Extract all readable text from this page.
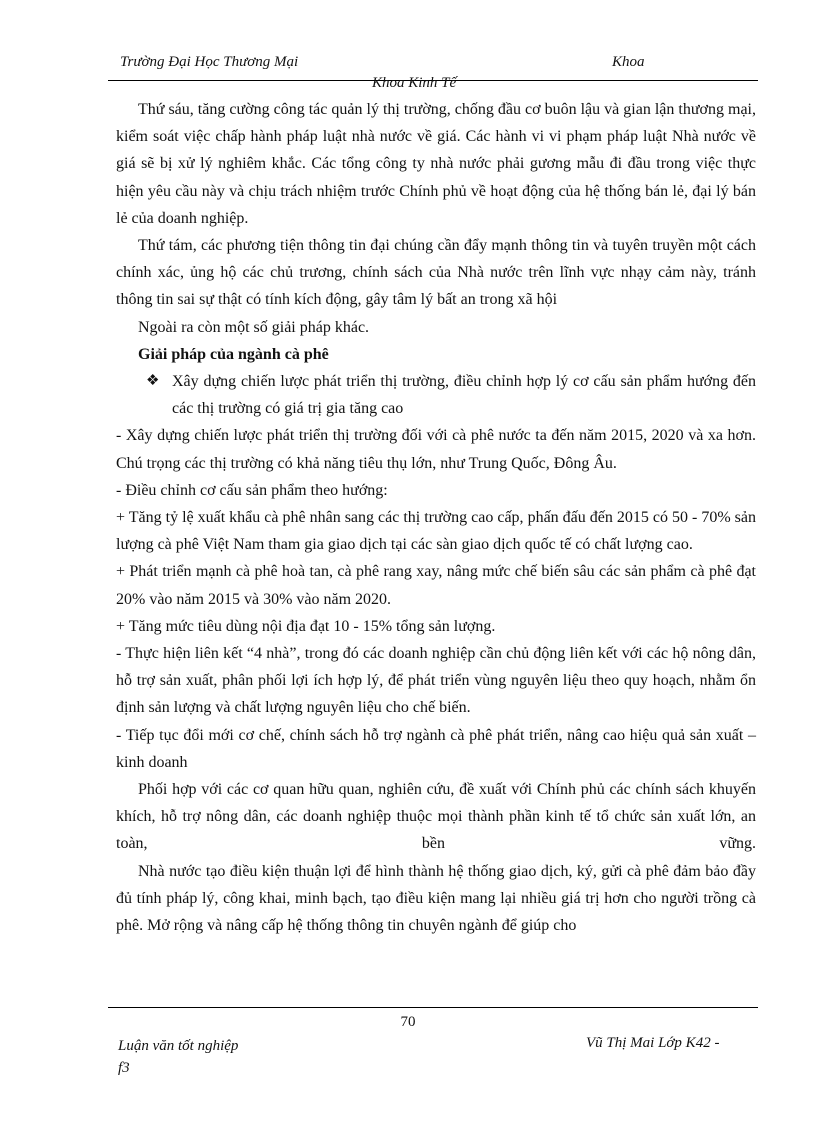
Trường Đại Học Thương Mại	Khoa
Khoa Kinh Tế

Thứ sáu, tăng cường công tác quản lý thị trường, chống đầu cơ buôn lậu và gian lận thương mại, kiểm soát việc chấp hành pháp luật nhà nước về giá. Các hành vi vi phạm pháp luật Nhà nước về giá sẽ bị xử lý nghiêm khắc. Các tổng công ty nhà nước phải gương mẫu đi đầu trong việc thực hiện yêu cầu này và chịu trách nhiệm trước Chính phủ về hoạt động của hệ thống bán lẻ, đại lý bán lẻ của doanh nghiệp.

Thứ tám, các phương tiện thông tin đại chúng cần đẩy mạnh thông tin và tuyên truyền một cách chính xác, ủng hộ các chủ trương, chính sách của Nhà nước trên lĩnh vực nhạy cảm này, tránh thông tin sai sự thật có tính kích động, gây tâm lý bất an trong xã hội

Ngoài ra còn một số giải pháp khác.

Giải pháp của ngành cà phê

❖ Xây dựng chiến lược phát triển thị trường, điều chỉnh hợp lý cơ cấu sản phẩm hướng đến các thị trường có giá trị gia tăng cao

- Xây dựng chiến lược phát triển thị trường đối với cà phê nước ta đến năm 2015, 2020 và xa hơn. Chú trọng các thị trường có khả năng tiêu thụ lớn, như Trung Quốc, Đông Âu.

- Điều chỉnh cơ cấu sản phẩm theo hướng:

+ Tăng tỷ lệ xuất khẩu cà phê nhân sang các thị trường cao cấp, phấn đấu đến 2015 có 50 - 70% sản lượng cà phê Việt Nam tham gia giao dịch tại các sàn giao dịch quốc tế có chất lượng cao.

+ Phát triển mạnh cà phê hoà tan, cà phê rang xay, nâng mức chế biến sâu các sản phẩm cà phê đạt 20% vào năm 2015 và 30% vào năm 2020.

+ Tăng mức tiêu dùng nội địa đạt 10 - 15% tổng sản lượng.

- Thực hiện liên kết “4 nhà”, trong đó các doanh nghiệp cần chủ động liên kết với các hộ nông dân, hỗ trợ sản xuất, phân phối lợi ích hợp lý, để phát triển vùng nguyên liệu theo quy hoạch, nhằm ổn định sản lượng và chất lượng nguyên liệu cho chế biến.

- Tiếp tục đổi mới cơ chế, chính sách hỗ trợ ngành cà phê phát triển, nâng cao hiệu quả sản xuất – kinh doanh

Phối hợp với các cơ quan hữu quan, nghiên cứu, đề xuất với Chính phủ các chính sách khuyến khích, hỗ trợ nông dân, các doanh nghiệp thuộc mọi thành phần kinh tế tổ chức sản xuất lớn, an toàn, bền vững.

Nhà nước tạo điều kiện thuận lợi để hình thành hệ thống giao dịch, ký, gửi cà phê đảm bảo đầy đủ tính pháp lý, công khai, minh bạch, tạo điều kiện mang lại nhiều giá trị hơn cho người trồng cà phê. Mở rộng và nâng cấp hệ thống thông tin chuyên ngành để giúp cho

70
Luận văn tốt nghiệp
f3
Vũ Thị Mai Lớp K42 -
